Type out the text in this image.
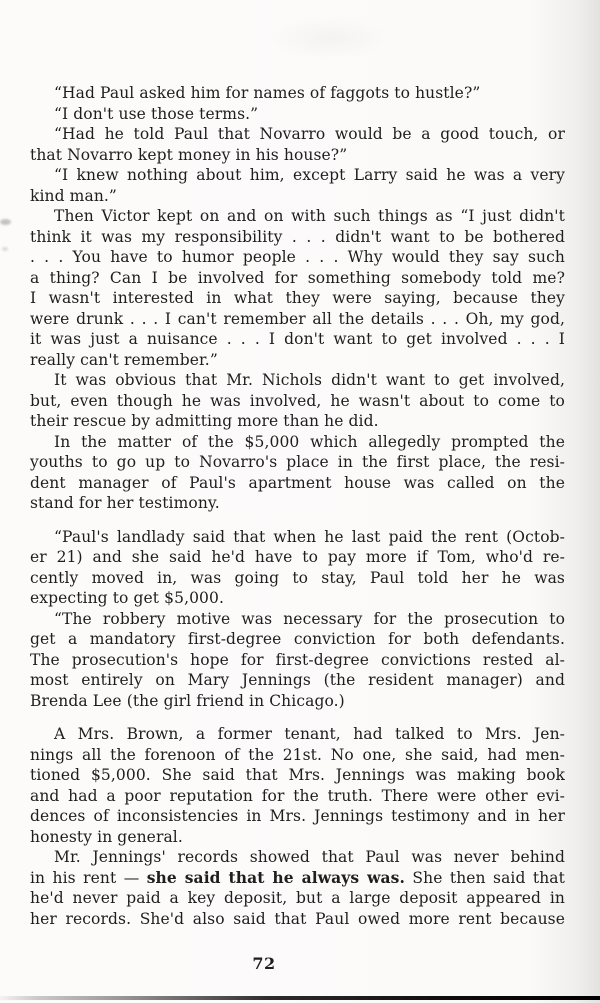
“Had Paul asked him for names of faggots to hustle?”
“I don't use those terms.”
“Had he told Paul that Novarro would be a good touch, or
that Novarro kept money in his house?”
“I knew nothing about him, except Larry said he was a very
kind man.”
Then Victor kept on and on with such things as “I just didn't
think it was my responsibility . . . didn't want to be bothered
. . . You have to humor people . . . Why would they say such
a thing? Can I be involved for something somebody told me?
I wasn't interested in what they were saying, because they
were drunk . . . I can't remember all the details . . . Oh, my god,
it was just a nuisance . . . I don't want to get involved . . . I
really can't remember.”
It was obvious that Mr. Nichols didn't want to get involved,
but, even though he was involved, he wasn't about to come to
their rescue by admitting more than he did.
In the matter of the $5,000 which allegedly prompted the
youths to go up to Novarro's place in the first place, the resi-
dent manager of Paul's apartment house was called on the
stand for her testimony.
“Paul's landlady said that when he last paid the rent (Octob-
er 21) and she said he'd have to pay more if Tom, who'd re-
cently moved in, was going to stay, Paul told her he was
expecting to get $5,000.
“The robbery motive was necessary for the prosecution to
get a mandatory first-degree conviction for both defendants.
The prosecution's hope for first-degree convictions rested al-
most entirely on Mary Jennings (the resident manager) and
Brenda Lee (the girl friend in Chicago.)
A Mrs. Brown, a former tenant, had talked to Mrs. Jen-
nings all the forenoon of the 21st. No one, she said, had men-
tioned $5,000. She said that Mrs. Jennings was making book
and had a poor reputation for the truth. There were other evi-
dences of inconsistencies in Mrs. Jennings testimony and in her
honesty in general.
Mr. Jennings' records showed that Paul was never behind
in his rent — she said that he always was. She then said that
he'd never paid a key deposit, but a large deposit appeared in
her records. She'd also said that Paul owed more rent because
72
